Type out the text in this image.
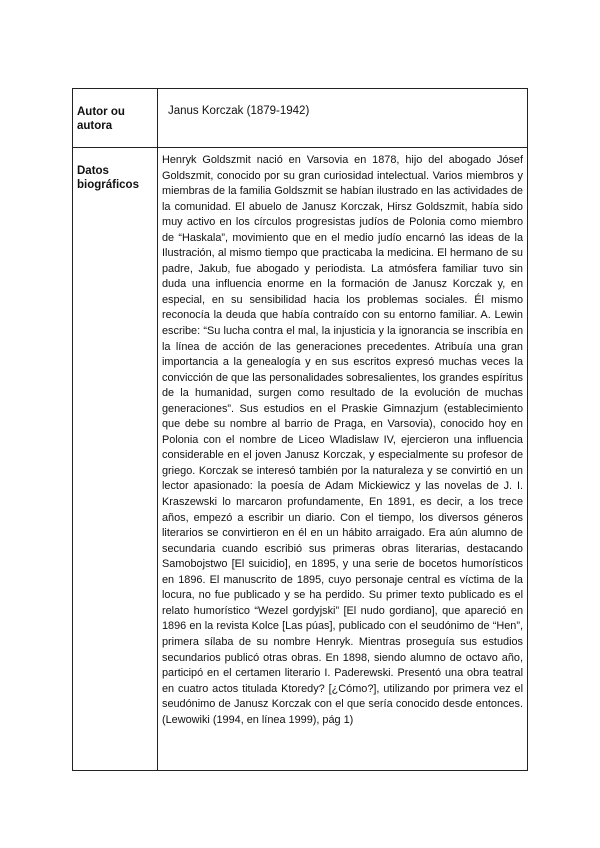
Autor ou autora	Janus Korczak (1879-1942)

Datos biográficos	Henryk Goldszmit nació en Varsovia en 1878, hijo del abogado Jósef Goldszmit, conocido por su gran curiosidad intelectual. Varios miembros y miembras de la familia Goldszmit se habían ilustrado en las actividades de la comunidad. El abuelo de Janusz Korczak, Hirsz Goldszmit, había sido muy activo en los círculos progresistas judíos de Polonia como miembro de “Haskala”, movimiento que en el medio judío encarnó las ideas de la Ilustración, al mismo tiempo que practicaba la medicina. El hermano de su padre, Jakub, fue abogado y periodista. La atmósfera familiar tuvo sin duda una influencia enorme en la formación de Janusz Korczak y, en especial, en su sensibilidad hacia los problemas sociales. Él mismo reconocía la deuda que había contraído con su entorno familiar. A. Lewin escribe: “Su lucha contra el mal, la injusticia y la ignorancia se inscribía en la línea de acción de las generaciones precedentes. Atribuía una gran importancia a la genealogía y en sus escritos expresó muchas veces la convicción de que las personalidades sobresalientes, los grandes espíritus de la humanidad, surgen como resultado de la evolución de muchas generaciones”. Sus estudios en el Praskie Gimnazjum (establecimiento que debe su nombre al barrio de Praga, en Varsovia), conocido hoy en Polonia con el nombre de Liceo Wladislaw IV, ejercieron una influencia considerable en el joven Janusz Korczak, y especialmente su profesor de griego. Korczak se interesó también por la naturaleza y se convirtió en un lector apasionado: la poesía de Adam Mickiewicz y las novelas de J. I. Kraszewski lo marcaron profundamente, En 1891, es decir, a los trece años, empezó a escribir un diario. Con el tiempo, los diversos géneros literarios se convirtieron en él en un hábito arraigado. Era aún alumno de secundaria cuando escribió sus primeras obras literarias, destacando Samobojstwo [El suicidio], en 1895, y una serie de bocetos humorísticos en 1896. El manuscrito de 1895, cuyo personaje central es víctima de la locura, no fue publicado y se ha perdido. Su primer texto publicado es el relato humorístico “Wezel gordyjski” [El nudo gordiano], que apareció en 1896 en la revista Kolce [Las púas], publicado con el seudónimo de “Hen”, primera sílaba de su nombre Henryk. Mientras proseguía sus estudios secundarios publicó otras obras. En 1898, siendo alumno de octavo año, participó en el certamen literario I. Paderewski. Presentó una obra teatral en cuatro actos titulada Ktoredy? [¿Cómo?], utilizando por primera vez el seudónimo de Janusz Korczak con el que sería conocido desde entonces. (Lewowiki (1994, en línea 1999), pág 1)
